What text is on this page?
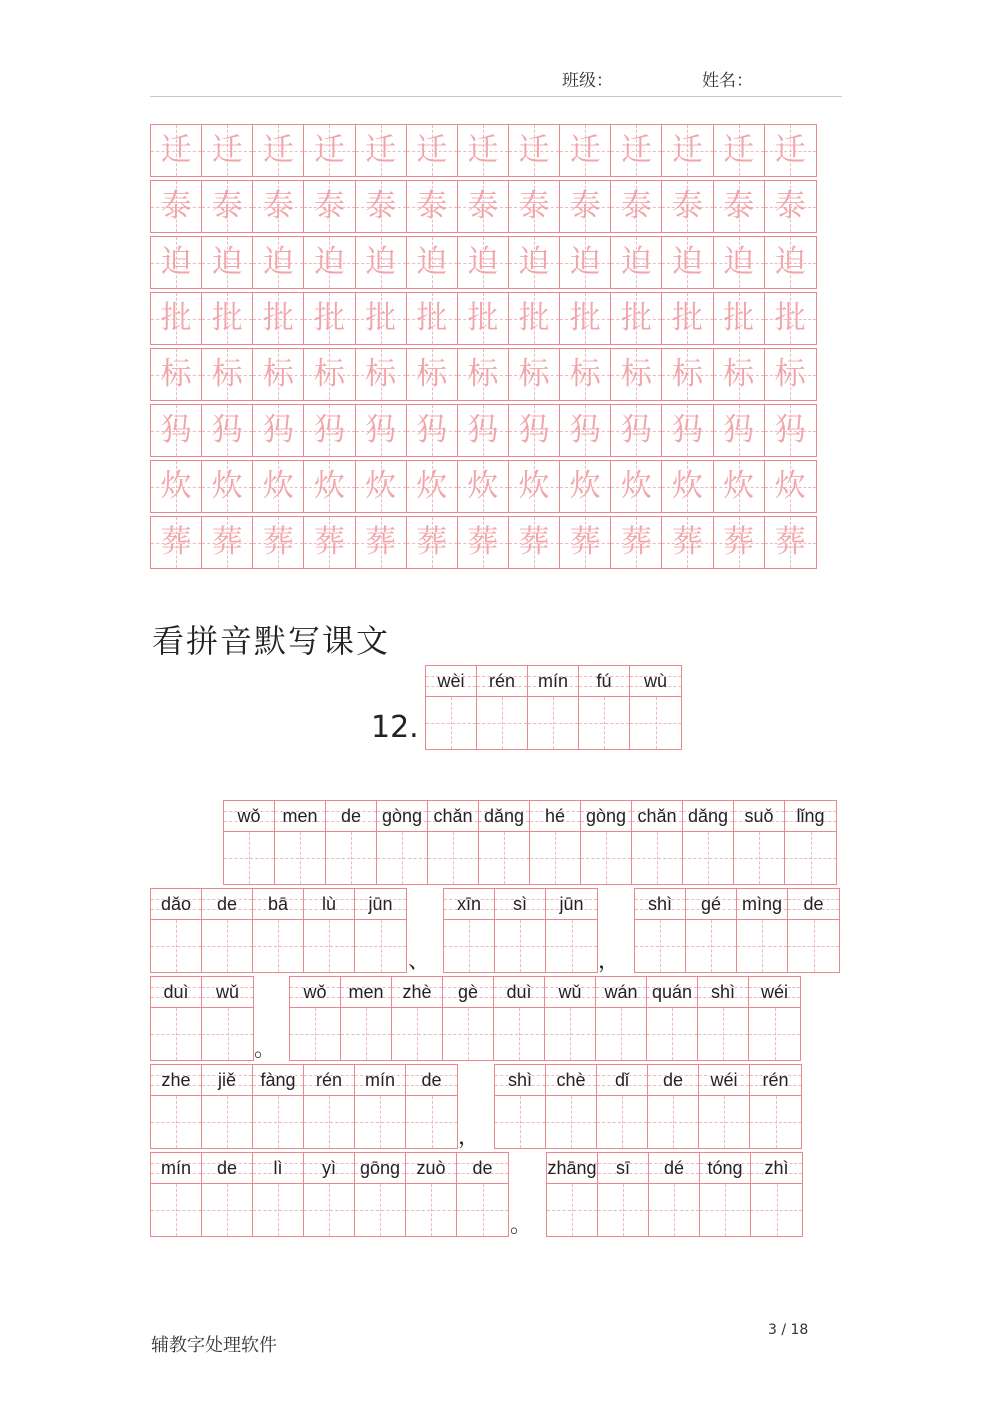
班级：	姓名：
迁 迁 迁 迁 迁 迁 迁 迁 迁 迁 迁 迁 迁
泰 泰 泰 泰 泰 泰 泰 泰 泰 泰 泰 泰 泰
迫 迫 迫 迫 迫 迫 迫 迫 迫 迫 迫 迫 迫
批 批 批 批 批 批 批 批 批 批 批 批 批
标 标 标 标 标 标 标 标 标 标 标 标 标
犸 犸 犸 犸 犸 犸 犸 犸 犸 犸 犸 犸 犸
炊 炊 炊 炊 炊 炊 炊 炊 炊 炊 炊 炊 炊
葬 葬 葬 葬 葬 葬 葬 葬 葬 葬 葬 葬 葬
看拼音默写课文
12.
wèi rén mín fú wù
wǒ men de gòng chǎn dǎng hé gòng chǎn dǎng suǒ lǐng
dǎo de bā lù jūn
、
xīn sì jūn
，
shì gé mìng de
duì wǔ
。
wǒ men zhè gè duì wǔ wán quán shì wéi
zhe jiě fàng rén mín de
，
shì chè dǐ de wéi rén
mín de lì yì gōng zuò de
。
zhāng sī dé tóng zhì
辅教字处理软件
3 / 18
